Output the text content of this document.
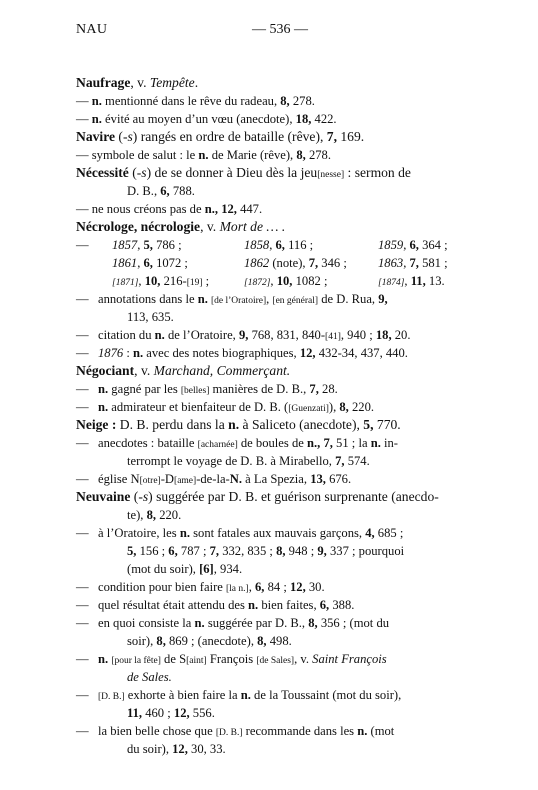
NAU	— 536 —
Naufrage, v. Tempête.
— n. mentionné dans le rêve du radeau, 8, 278.
— n. évité au moyen d’un vœu (anecdote), 18, 422.
Navire (-s) rangés en ordre de bataille (rêve), 7, 169.
— symbole de salut : le n. de Marie (rêve), 8, 278.
Nécessité (-s) de se donner à Dieu dès la jeu[nesse] : sermon de
D. B., 6, 788.
— ne nous créons pas de n., 12, 447.
Nécrologe, nécrologie, v. Mort de … .
— 1857, 5, 786 ;	1858, 6, 116 ;	1859, 6, 364 ;
1861, 6, 1072 ;	1862 (note), 7, 346 ; 1863, 7, 581 ;
[1871], 10, 216-[19] ;	[1872], 10, 1082 ;	[1874], 11, 13.
— annotations dans le n. [de l’Oratoire], [en général] de D. Rua, 9,
113, 635.
— citation du n. de l’Oratoire, 9, 768, 831, 840-[41], 940 ; 18, 20.
— 1876 : n. avec des notes biographiques, 12, 432-34, 437, 440.
Négociant, v. Marchand, Commerçant.
— n. gagné par les [belles] manières de D. B., 7, 28.
— n. admirateur et bienfaiteur de D. B. ([Guenzati]), 8, 220.
Neige : D. B. perdu dans la n. à Saliceto (anecdote), 5, 770.
— anecdotes : bataille [acharnée] de boules de n., 7, 51 ; la n. in-
terrompt le voyage de D. B. à Mirabello, 7, 574.
— église N[otre]-D[ame]-de-la-N. à La Spezia, 13, 676.
Neuvaine (-s) suggérée par D. B. et guérison surprenante (anecdo-
te), 8, 220.
— à l’Oratoire, les n. sont fatales aux mauvais garçons, 4, 685 ;
5, 156 ; 6, 787 ; 7, 332, 835 ; 8, 948 ; 9, 337 ; pourquoi
(mot du soir), [6], 934.
— condition pour bien faire [la n.], 6, 84 ; 12, 30.
— quel résultat était attendu des n. bien faites, 6, 388.
— en quoi consiste la n. suggérée par D. B., 8, 356 ; (mot du
soir), 8, 869 ; (anecdote), 8, 498.
— n. [pour la fête] de S[aint] François [de Sales], v. Saint François
de Sales.
— [D. B.] exhorte à bien faire la n. de la Toussaint (mot du soir),
11, 460 ; 12, 556.
— la bien belle chose que [D. B.] recommande dans les n. (mot
du soir), 12, 30, 33.
